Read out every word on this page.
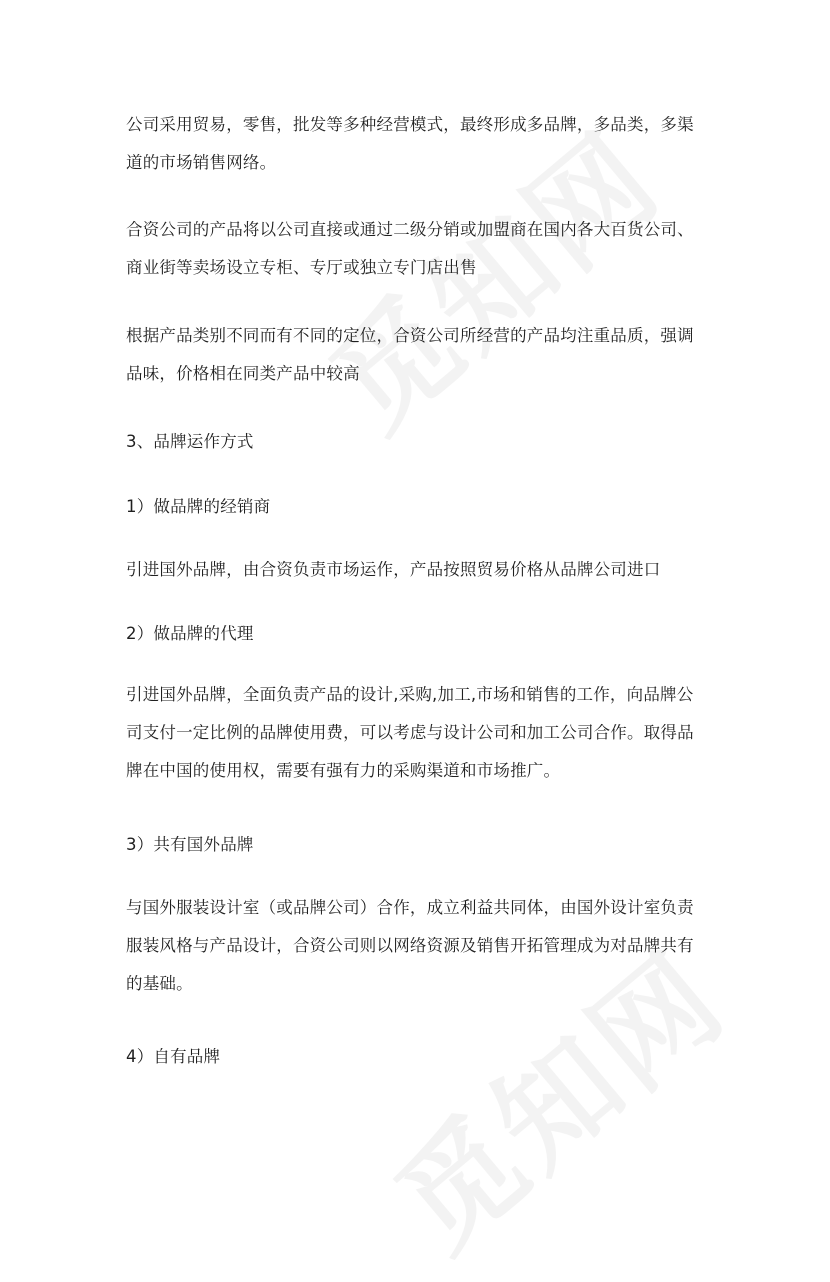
公司采用贸易，零售，批发等多种经营模式，最终形成多品牌，多品类，多渠
道的市场销售网络。

合资公司的产品将以公司直接或通过二级分销或加盟商在国内各大百货公司、
商业街等卖场设立专柜、专厅或独立专门店出售

根据产品类别不同而有不同的定位，合资公司所经营的产品均注重品质，强调
品味，价格相在同类产品中较高

3、品牌运作方式

1）做品牌的经销商

引进国外品牌，由合资负责市场运作，产品按照贸易价格从品牌公司进口

2）做品牌的代理

引进国外品牌，全面负责产品的设计,采购,加工,市场和销售的工作，向品牌公
司支付一定比例的品牌使用费，可以考虑与设计公司和加工公司合作。取得品
牌在中国的使用权，需要有强有力的采购渠道和市场推广。

3）共有国外品牌

与国外服装设计室（或品牌公司）合作，成立利益共同体，由国外设计室负责
服装风格与产品设计，合资公司则以网络资源及销售开拓管理成为对品牌共有
的基础。

4）自有品牌
